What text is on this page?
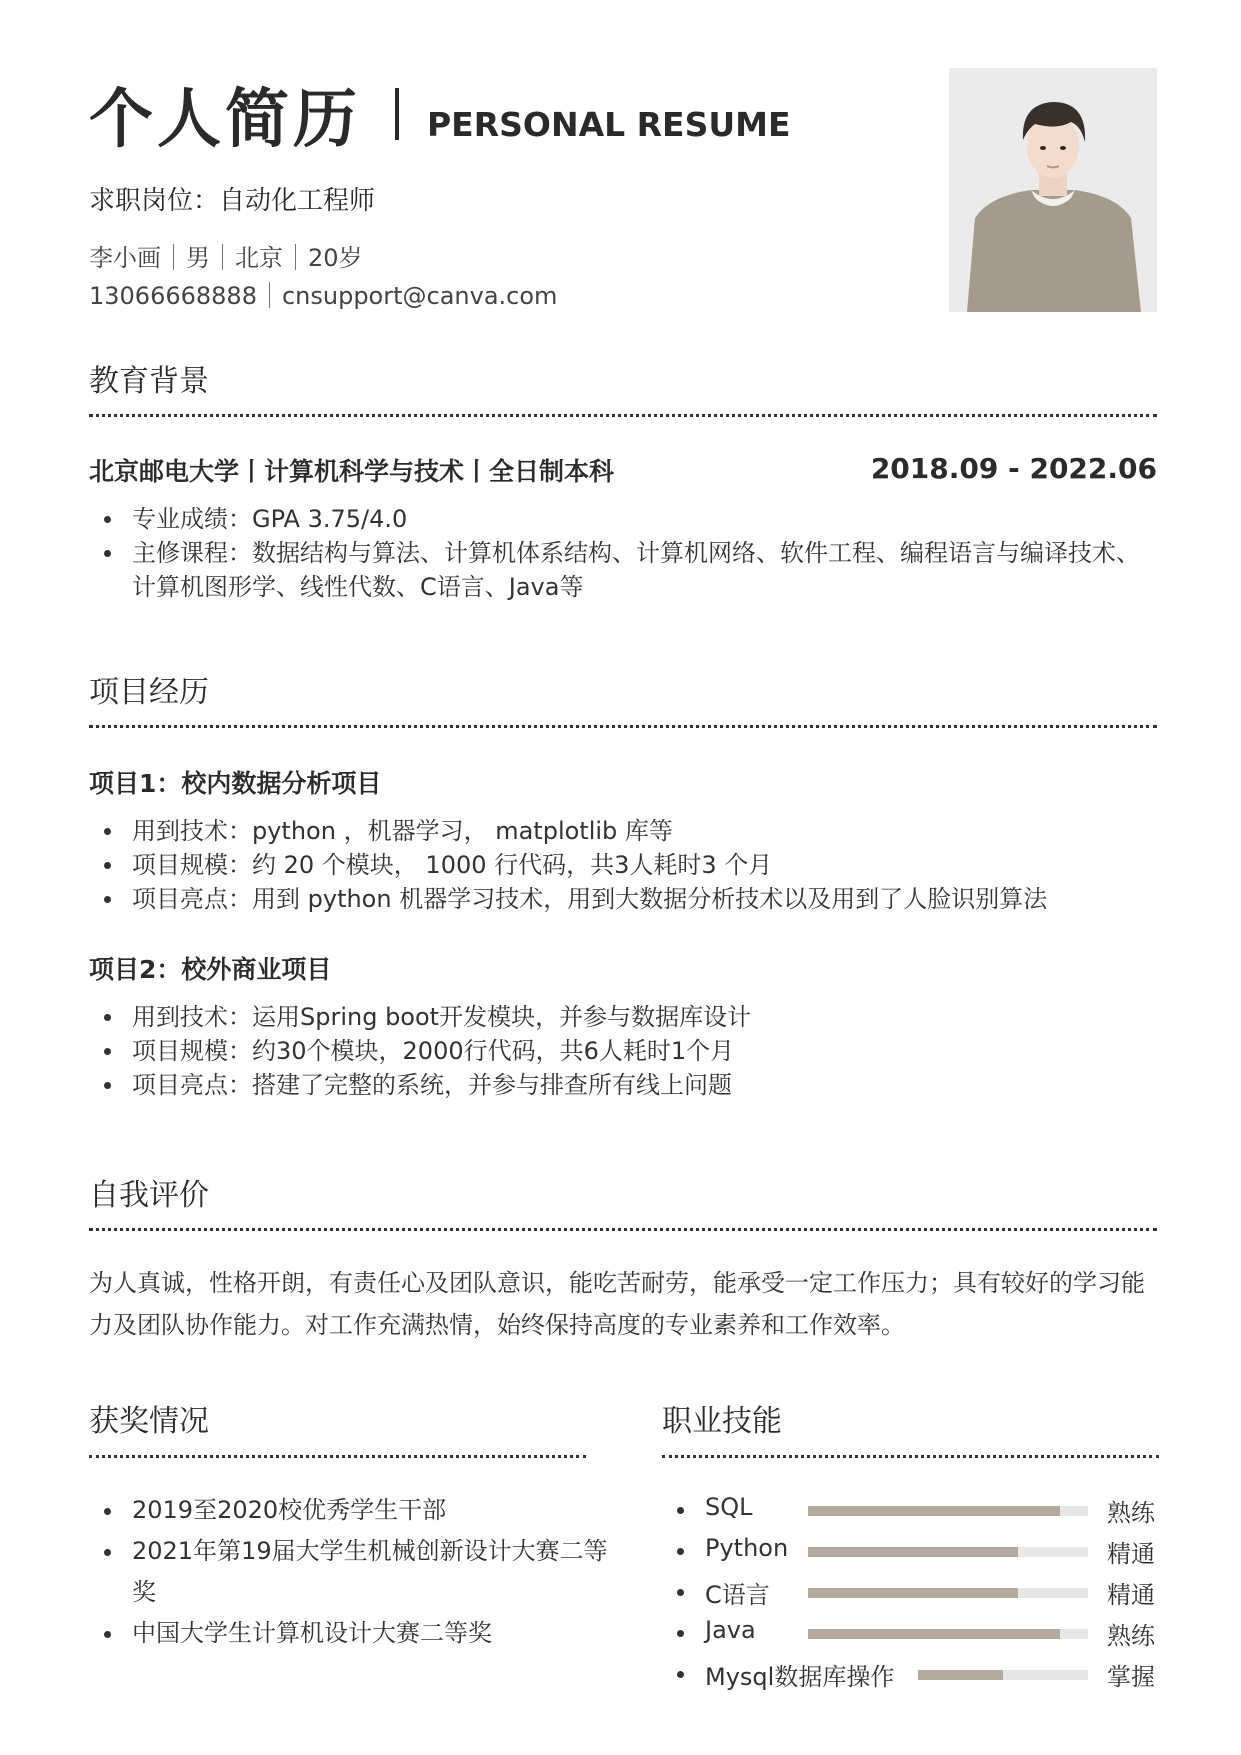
个人简历 PERSONAL RESUME
求职岗位：自动化工程师
李小画 男 北京 20岁
13066668888 cnsupport@canva.com
教育背景
北京邮电大学丨计算机科学与技术丨全日制本科	2018.09 - 2022.06
专业成绩：GPA 3.75/4.0
主修课程：数据结构与算法、计算机体系结构、计算机网络、软件工程、编程语言与编译技术、计算机图形学、线性代数、C语言、Java等
项目经历
项目1：校内数据分析项目
用到技术：python ，机器学习， matplotlib 库等
项目规模：约 20 个模块， 1000 行代码，共3人耗时3 个月
项目亮点：用到 python 机器学习技术，用到大数据分析技术以及用到了人脸识别算法
项目2：校外商业项目
用到技术：运用Spring boot开发模块，并参与数据库设计
项目规模：约30个模块，2000行代码，共6人耗时1个月
项目亮点：搭建了完整的系统，并参与排查所有线上问题
自我评价
为人真诚，性格开朗，有责任心及团队意识，能吃苦耐劳，能承受一定工作压力；具有较好的学习能力及团队协作能力。对工作充满热情，始终保持高度的专业素养和工作效率。
获奖情况
2019至2020校优秀学生干部
2021年第19届大学生机械创新设计大赛二等奖
中国大学生计算机设计大赛二等奖
职业技能
SQL	熟练
Python	精通
C语言	精通
Java	熟练
Mysql数据库操作	掌握
